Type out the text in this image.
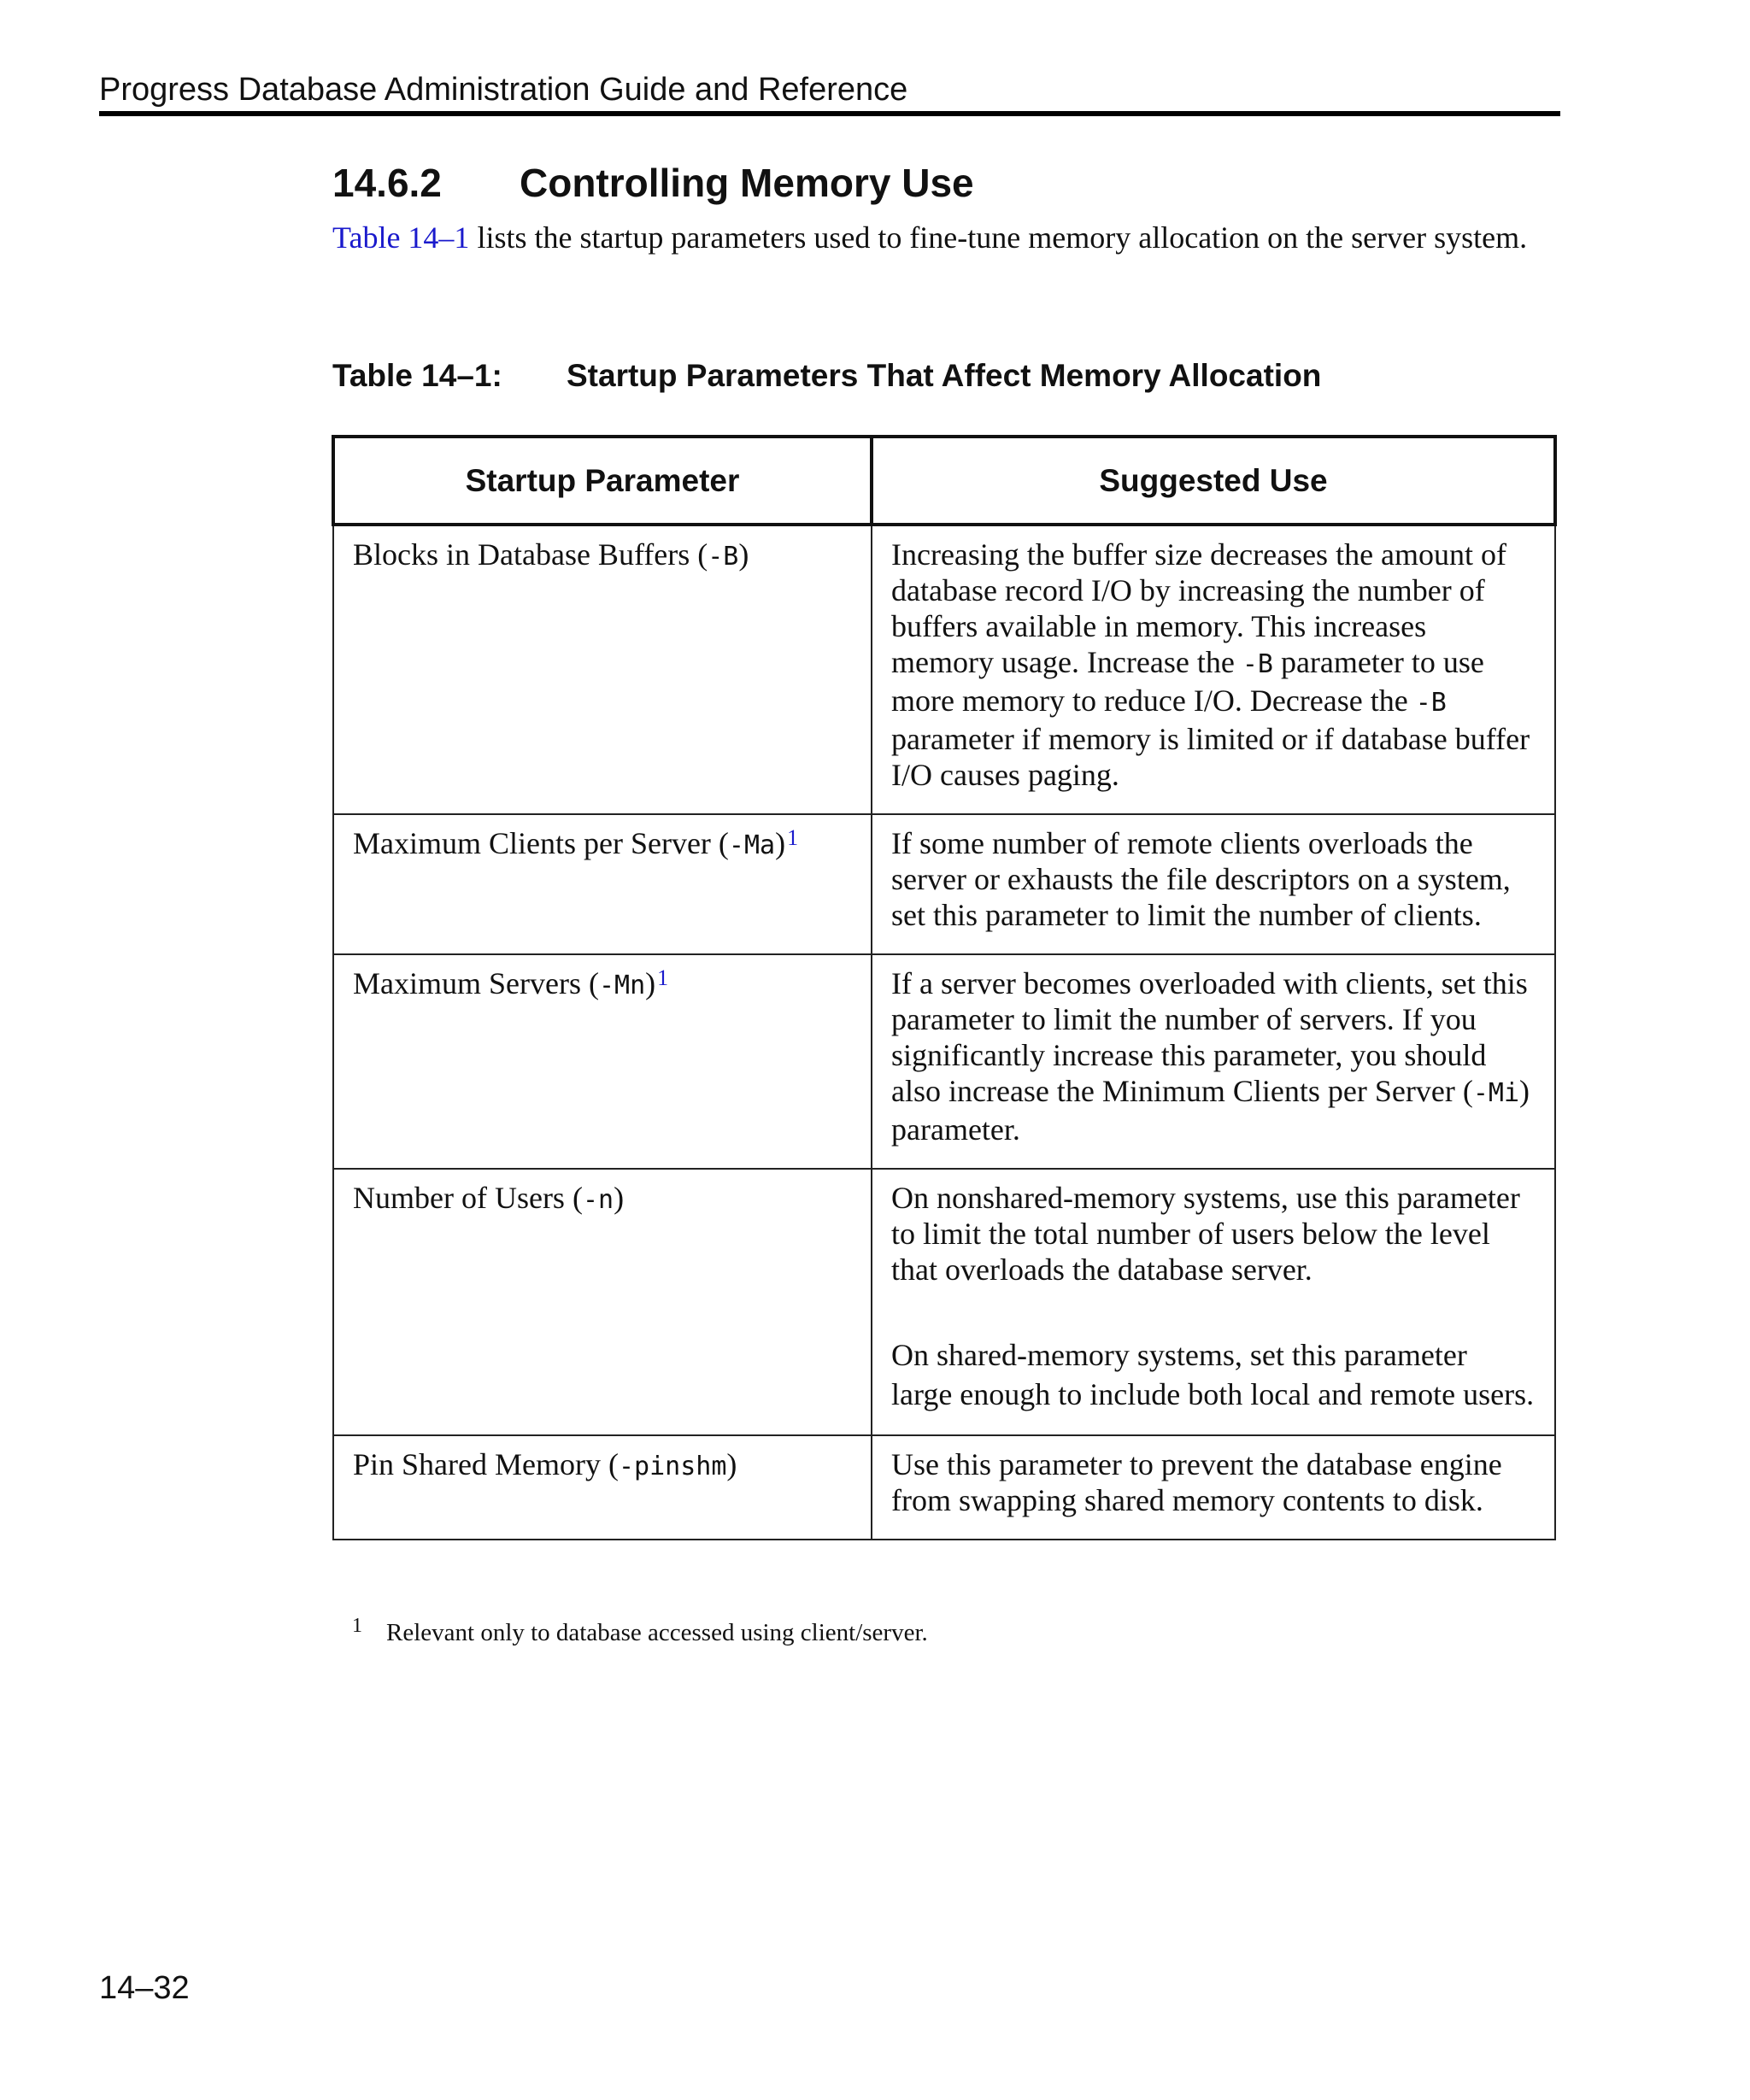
Progress Database Administration Guide and Reference
14.6.2 Controlling Memory Use

Table 14–1 lists the startup parameters used to fine-tune memory allocation on the server system.

Table 14–1: Startup Parameters That Affect Memory Allocation
Startup Parameter	Suggested Use
Blocks in Database Buffers (-B)	Increasing the buffer size decreases the amount of database record I/O by increasing the number of buffers available in memory. This increases memory usage. Increase the -B parameter to use more memory to reduce I/O. Decrease the -B parameter if memory is limited or if database buffer I/O causes paging.

Maximum Clients per Server (-Ma)$^1$	If some number of remote clients overloads the server or exhausts the file descriptors on a system, set this parameter to limit the number of clients.

Maximum Servers (-Mn)$^1$	If a server becomes overloaded with clients, set this parameter to limit the number of servers. If you significantly increase this parameter, you should also increase the Minimum Clients per Server (-Mi) parameter.

Number of Users (-n)	On nonshared-memory systems, use this parameter to limit the total number of users below the level that overloads the database server.

On shared-memory systems, set this parameter large enough to include both local and remote users.

Pin Shared Memory (-pinshm)	Use this parameter to prevent the database engine from swapping shared memory contents to disk.

1 Relevant only to database accessed using client/server.
14–32
